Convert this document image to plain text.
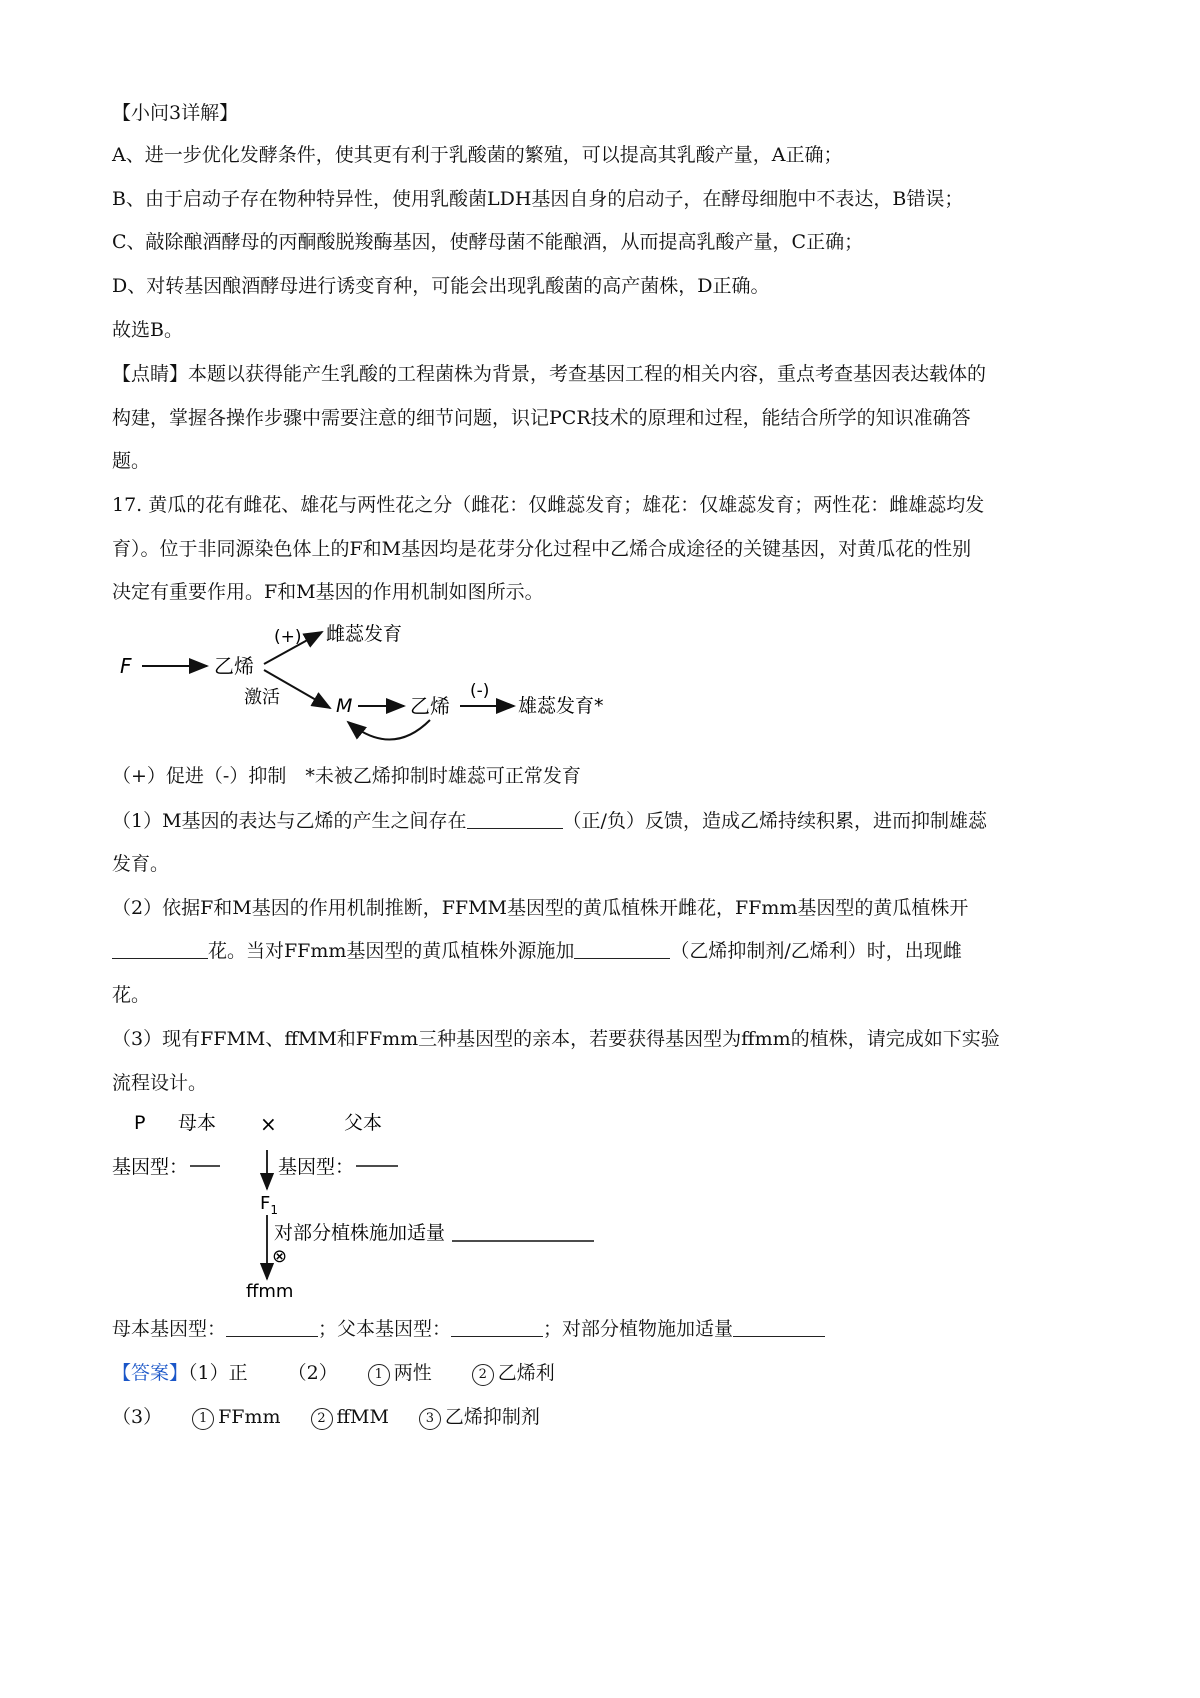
【小问3详解】
A、进一步优化发酵条件，使其更有利于乳酸菌的繁殖，可以提高其乳酸产量，A正确；
B、由于启动子存在物种特异性，使用乳酸菌LDH基因自身的启动子，在酵母细胞中不表达，B错误；
C、敲除酿酒酵母的丙酮酸脱羧酶基因，使酵母菌不能酿酒，从而提高乳酸产量，C正确；
D、对转基因酿酒酵母进行诱变育种，可能会出现乳酸菌的高产菌株，D正确。
故选B。
【点睛】本题以获得能产生乳酸的工程菌株为背景，考查基因工程的相关内容，重点考查基因表达载体的
构建，掌握各操作步骤中需要注意的细节问题，识记PCR技术的原理和过程，能结合所学的知识准确答
题。
17. 黄瓜的花有雌花、雄花与两性花之分（雌花：仅雌蕊发育；雄花：仅雄蕊发育；两性花：雌雄蕊均发
育）。位于非同源染色体上的F和M基因均是花芽分化过程中乙烯合成途径的关键基因，对黄瓜花的性别
决定有重要作用。F和M基因的作用机制如图所示。
F	乙烯
(+) 雌蕊发育
激活	M	乙烯
(-)
雄蕊发育*
（+）促进（-）抑制　*未被乙烯抑制时雄蕊可正常发育
（1）M基因的表达与乙烯的产生之间存在	（正/负）反馈，造成乙烯持续积累，进而抑制雄蕊
发育。
（2）依据F和M基因的作用机制推断，FFMM基因型的黄瓜植株开雌花，FFmm基因型的黄瓜植株开
花。当对FFmm基因型的黄瓜植株外源施加	（乙烯抑制剂/乙烯利）时，出现雌
花。
（3）现有FFMM、ffMM和FFmm三种基因型的亲本，若要获得基因型为ffmm的植株，请完成如下实验
流程设计。
P 母本 ×	父本
基因型：	基因型：
$F_1$
对部分植株施加适量
⊗
ffmm
母本基因型：	；父本基因型：	；对部分植物施加适量
【答案】（1）正 （2）	1 两性	2 乙烯利
（3）	1 FFmm	2 ffMM	3 乙烯抑制剂
